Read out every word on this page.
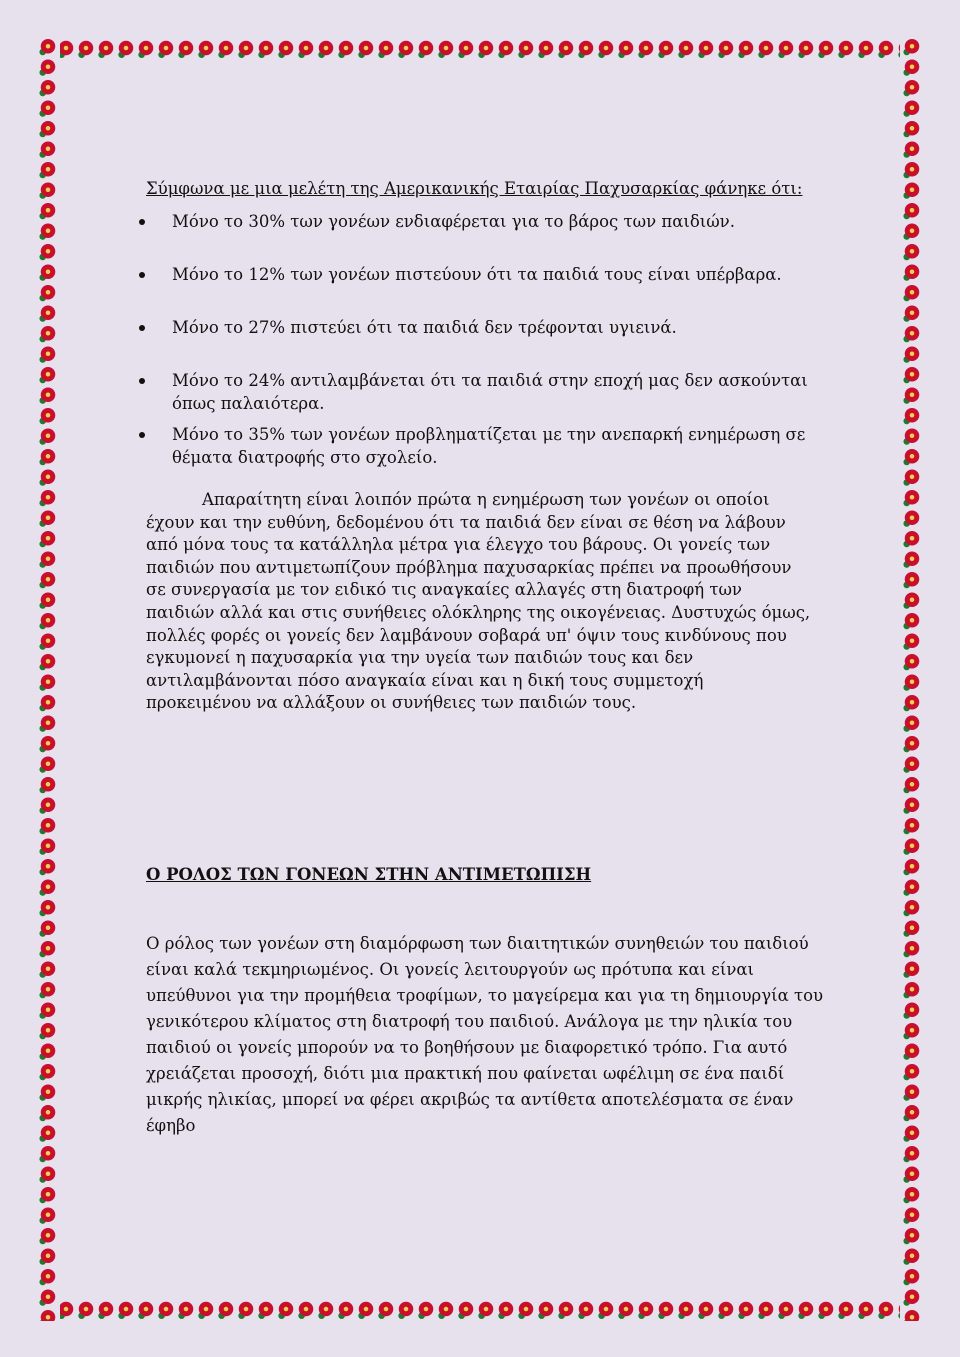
Σύμφωνα με μια μελέτη της Αμερικανικής Εταιρίας Παχυσαρκίας φάνηκε ότι:

Μόνο το 30% των γονέων ενδιαφέρεται για το βάρος των παιδιών.
Μόνο το 12% των γονέων πιστεύουν ότι τα παιδιά τους είναι υπέρβαρα.
Μόνο το 27% πιστεύει ότι τα παιδιά δεν τρέφονται υγιεινά.
Μόνο το 24% αντιλαμβάνεται ότι τα παιδιά στην εποχή μας δεν ασκούνται όπως παλαιότερα.
Μόνο το 35% των γονέων προβληματίζεται με την ανεπαρκή ενημέρωση σε θέματα διατροφής στο σχολείο.

Απαραίτητη είναι λοιπόν πρώτα η ενημέρωση των γονέων οι οποίοι έχουν και την ευθύνη, δεδομένου ότι τα παιδιά δεν είναι σε θέση να λάβουν από μόνα τους τα κατάλληλα μέτρα για έλεγχο του βάρους. Οι γονείς των παιδιών που αντιμετωπίζουν πρόβλημα παχυσαρκίας πρέπει να προωθήσουν σε συνεργασία με τον ειδικό τις αναγκαίες αλλαγές στη διατροφή των παιδιών αλλά και στις συνήθειες ολόκληρης της οικογένειας. Δυστυχώς όμως, πολλές φορές οι γονείς δεν λαμβάνουν σοβαρά υπ' όψιν τους κινδύνους που εγκυμονεί η παχυσαρκία για την υγεία των παιδιών τους και δεν αντιλαμβάνονται πόσο αναγκαία είναι και η δική τους συμμετοχή προκειμένου να αλλάξουν οι συνήθειες των παιδιών τους.

Ο ΡΟΛΟΣ ΤΩΝ ΓΟΝΕΩΝ ΣΤΗΝ ΑΝΤΙΜΕΤΩΠΙΣΗ

Ο ρόλος των γονέων στη διαμόρφωση των διαιτητικών συνηθειών του παιδιού είναι καλά τεκμηριωμένος. Οι γονείς λειτουργούν ως πρότυπα και είναι υπεύθυνοι για την προμήθεια τροφίμων, το μαγείρεμα και για τη δημιουργία του γενικότερου κλίματος στη διατροφή του παιδιού. Ανάλογα με την ηλικία του παιδιού οι γονείς μπορούν να το βοηθήσουν με διαφορετικό τρόπο. Για αυτό χρειάζεται προσοχή, διότι μια πρακτική που φαίνεται ωφέλιμη σε ένα παιδί μικρής ηλικίας, μπορεί να φέρει ακριβώς τα αντίθετα αποτελέσματα σε έναν έφηβο
